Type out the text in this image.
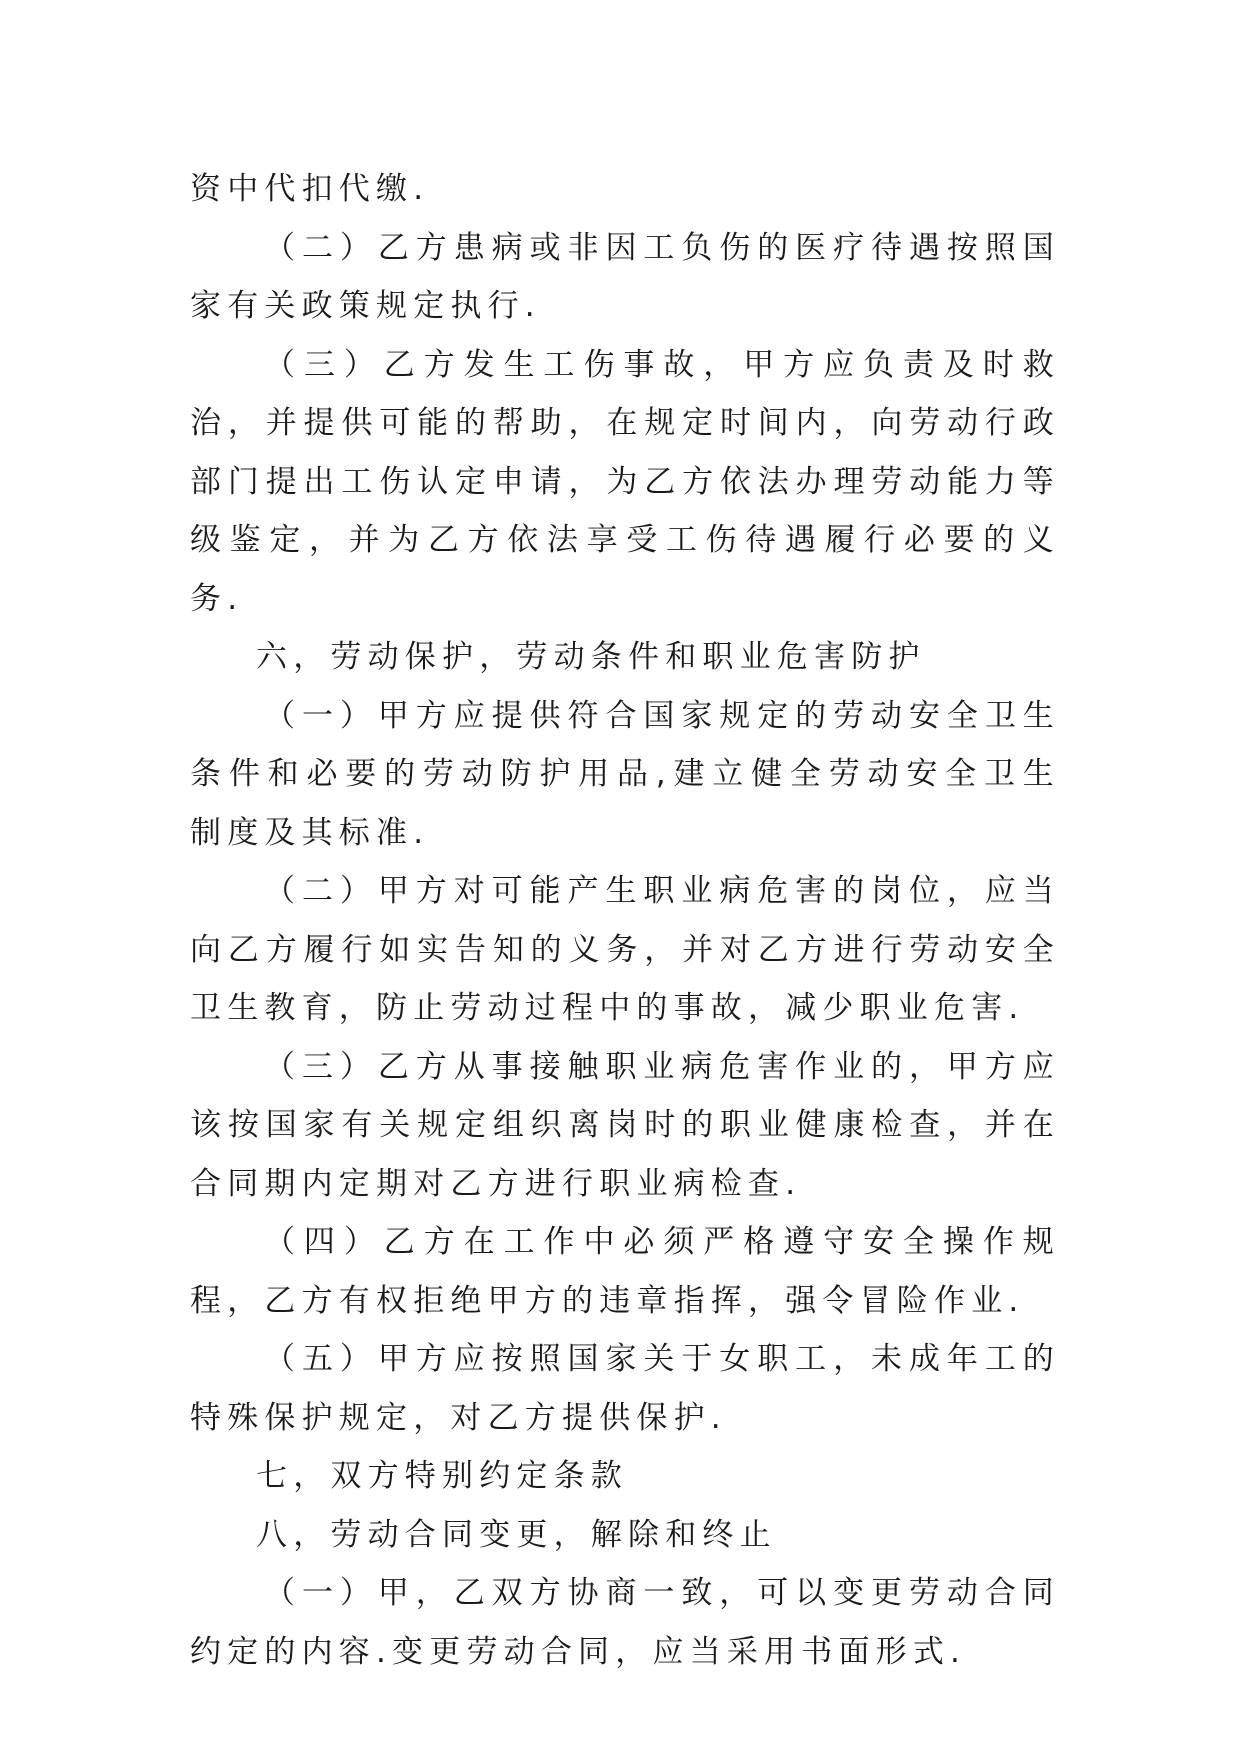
资中代扣代缴.

（二）乙方患病或非因工负伤的医疗待遇按照国家有关政策规定执行.

（三）乙方发生工伤事故，甲方应负责及时救治，并提供可能的帮助，在规定时间内，向劳动行政部门提出工伤认定申请，为乙方依法办理劳动能力等级鉴定，并为乙方依法享受工伤待遇履行必要的义务.

六，劳动保护，劳动条件和职业危害防护

（一）甲方应提供符合国家规定的劳动安全卫生条件和必要的劳动防护用品,建立健全劳动安全卫生制度及其标准.

（二）甲方对可能产生职业病危害的岗位，应当向乙方履行如实告知的义务，并对乙方进行劳动安全卫生教育，防止劳动过程中的事故，减少职业危害.

（三）乙方从事接触职业病危害作业的，甲方应该按国家有关规定组织离岗时的职业健康检查，并在合同期内定期对乙方进行职业病检查.

（四）乙方在工作中必须严格遵守安全操作规程，乙方有权拒绝甲方的违章指挥，强令冒险作业.

（五）甲方应按照国家关于女职工，未成年工的特殊保护规定，对乙方提供保护.

七，双方特别约定条款

八，劳动合同变更，解除和终止

（一）甲，乙双方协商一致，可以变更劳动合同约定的内容.变更劳动合同，应当采用书面形式.
